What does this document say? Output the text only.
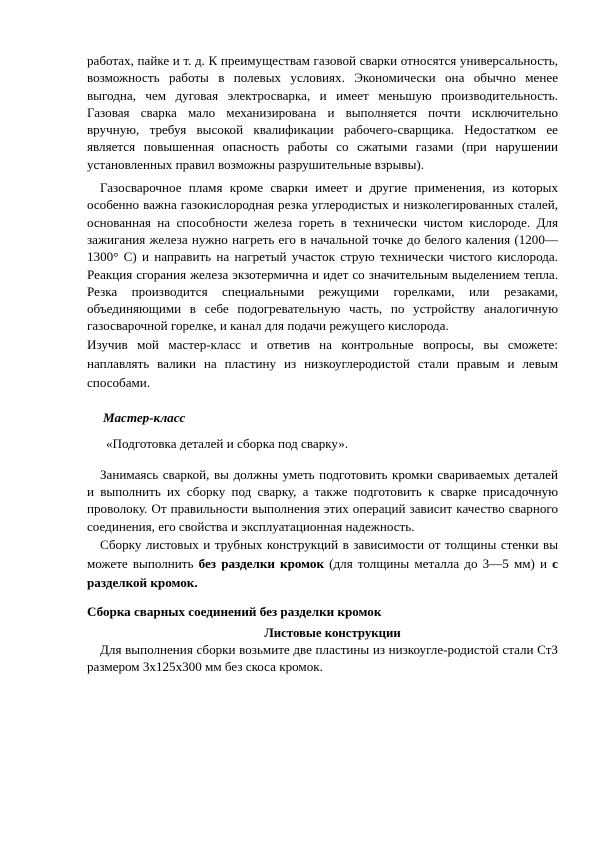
работах, пайке и т. д. К преимуществам газовой сварки относятся универсальность, возможность работы в полевых условиях. Экономически она обычно менее выгодна, чем дуговая электросварка, и имеет меньшую производительность. Газовая сварка мало механизирована и выполняется почти исключительно вручную, требуя высокой квалификации рабочего-сварщика. Недостатком ее является повышенная опасность работы со сжатыми газами (при нарушении установленных правил возможны разрушительные взрывы).

Газосварочное пламя кроме сварки имеет и другие применения, из которых особенно важна газокислородная резка углеродистых и низколегированных сталей, основанная на способности железа гореть в технически чистом кислороде. Для зажигания железа нужно нагреть его в начальной точке до белого каления (1200—1300° С) и направить на нагретый участок струю технически чистого кислорода. Реакция сгорания железа экзотермична и идет со значительным выделением тепла. Резка производится специальными режущими горелками, или резаками, объединяющими в себе подогревательную часть, по устройству аналогичную газосварочной горелке, и канал для подачи режущего кислорода.

Изучив мой мастер-класс и ответив на контрольные вопросы, вы сможете: наплавлять валики на пластину из низкоуглеродистой стали правым и левым способами.

Мастер-класс
«Подготовка деталей и сборка под сварку».

Занимаясь сваркой, вы должны уметь подготовить кромки свариваемых деталей и выполнить их сборку под сварку, а также подготовить к сварке присадочную проволоку. От правильности выполнения этих операций зависит качество сварного соединения, его свойства и эксплуатационная надежность.

Сборку листовых и трубных конструкций в зависимости от толщины стенки вы можете выполнить без разделки кромок (для толщины металла до 3—5 мм) и с разделкой кромок.

Сборка сварных соединений без разделки кромок
Листовые конструкции

Для выполнения сборки возьмите две пластины из низкоугле-родистой стали СтЗ размером 3х125х300 мм без скоса кромок.
